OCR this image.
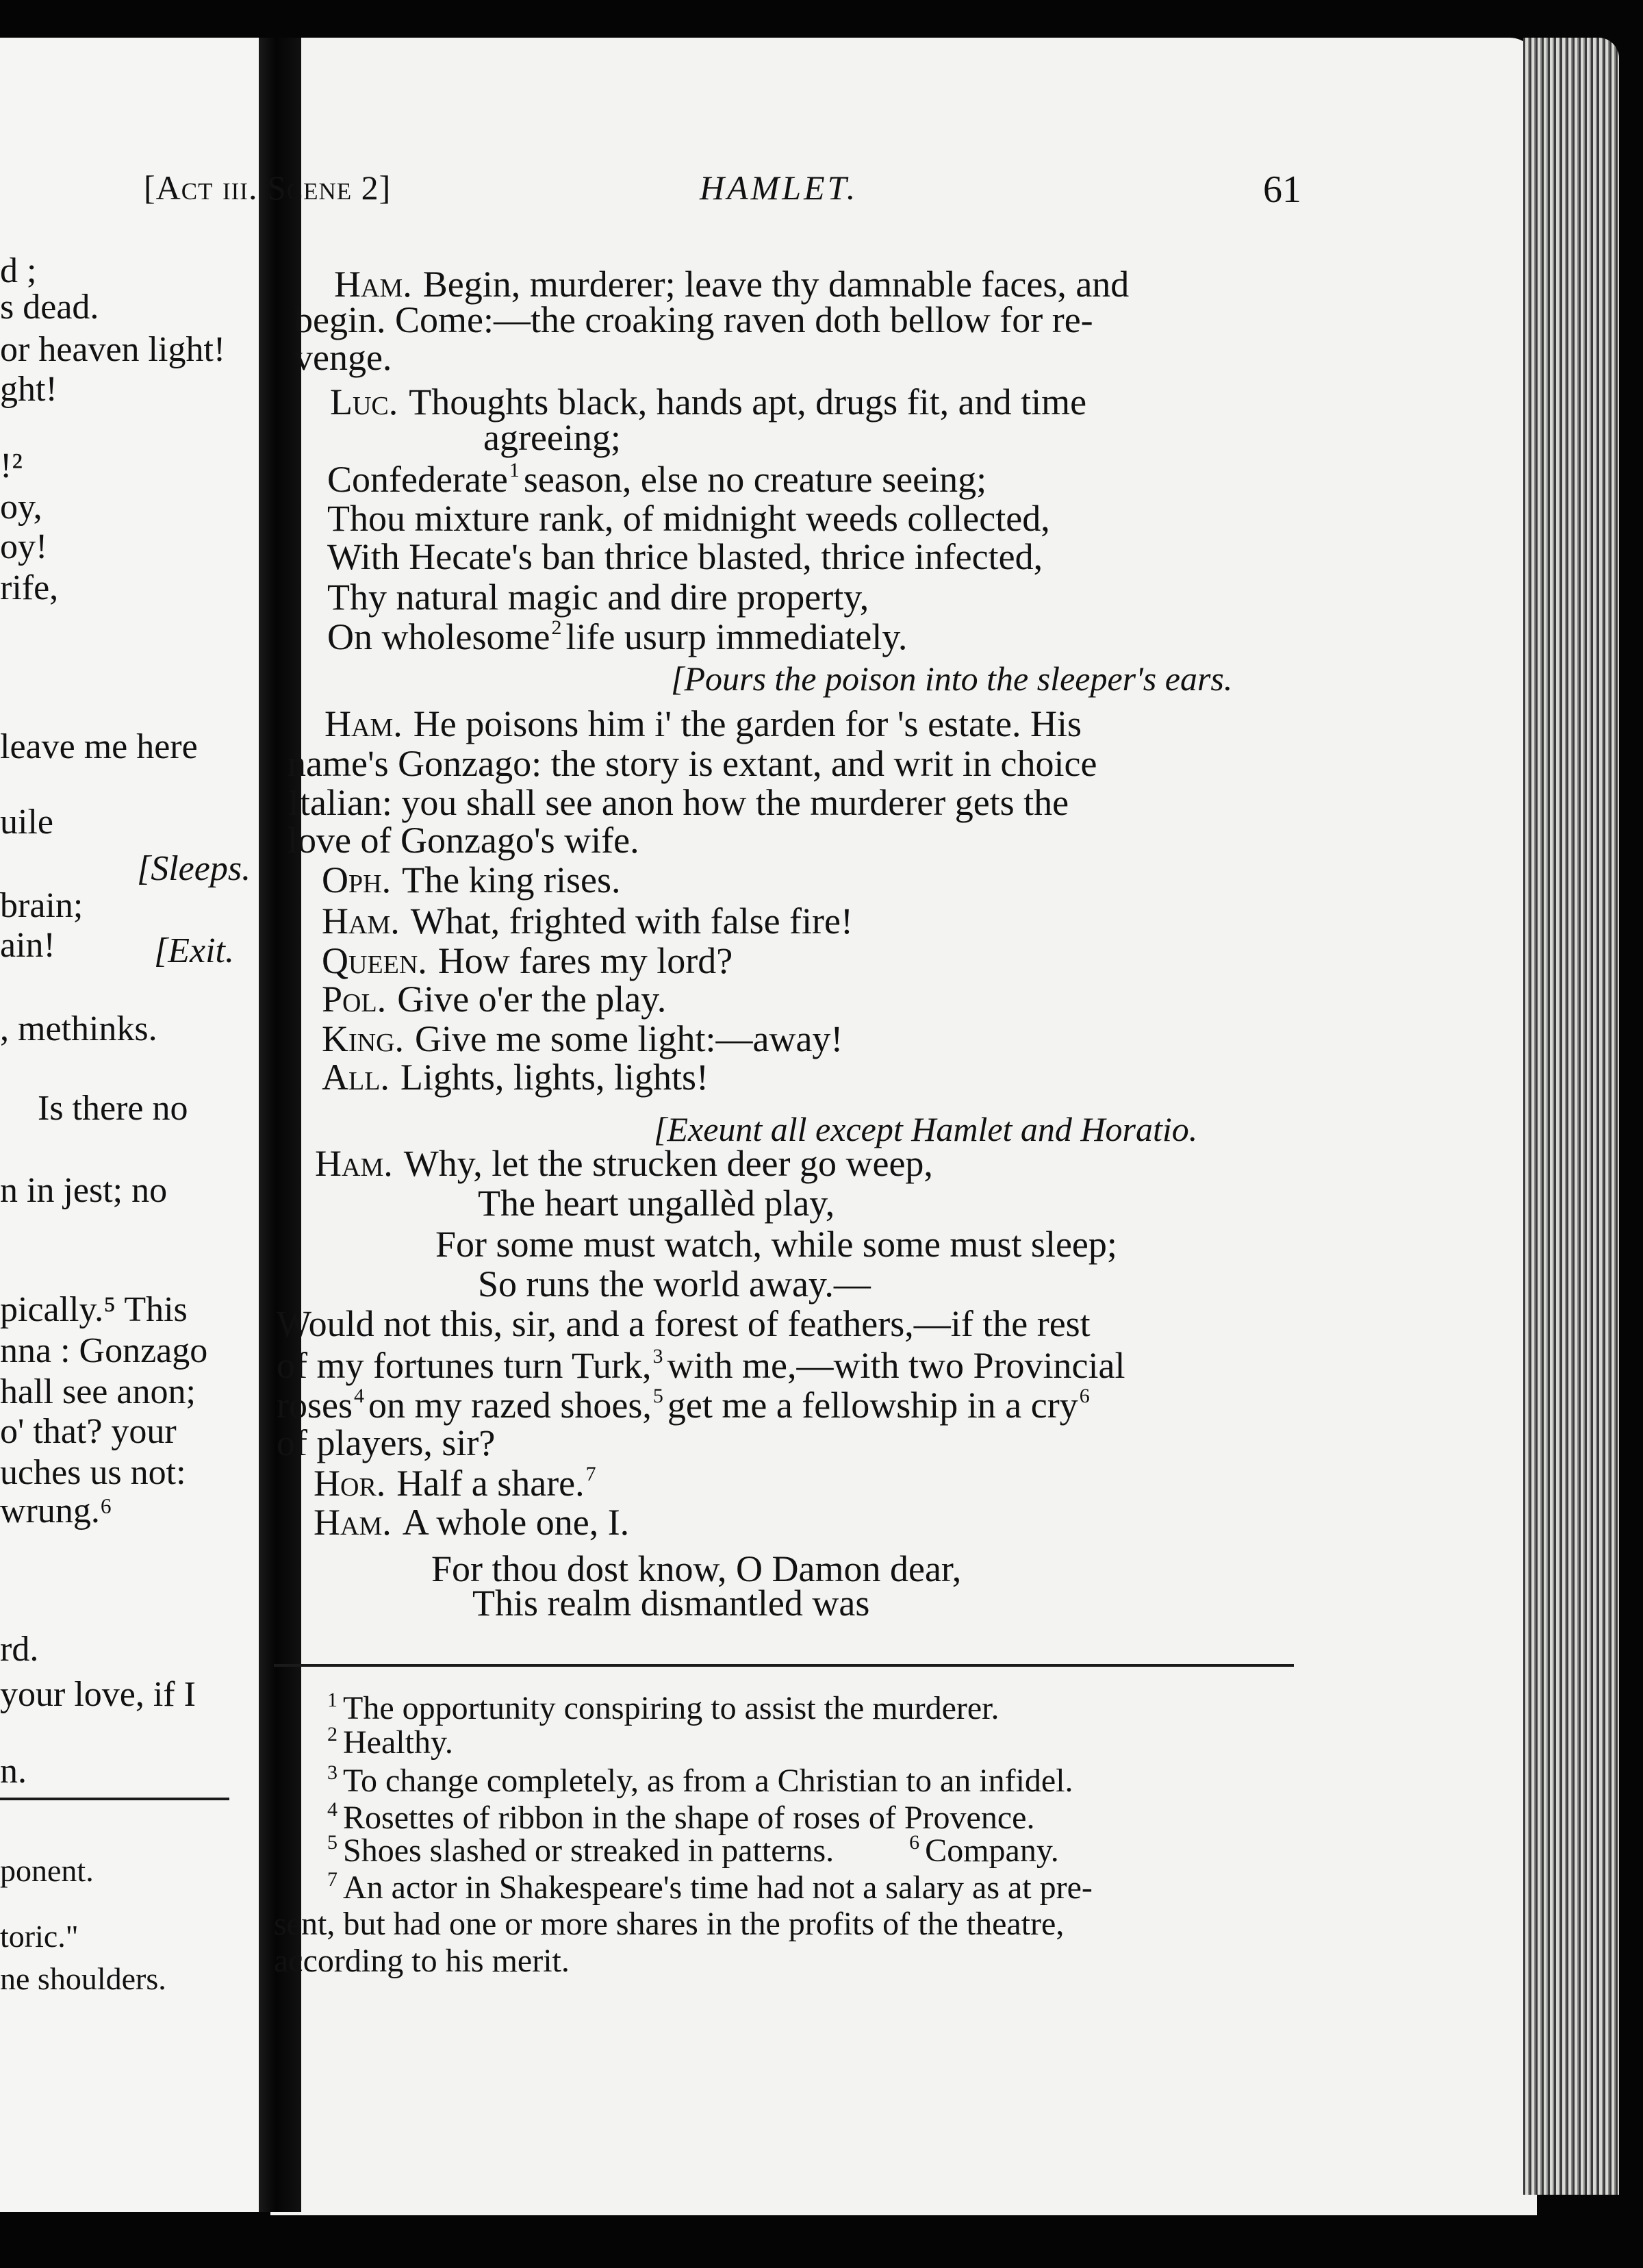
d ;
s dead.
or heaven light!
ght!
!²
oy,
oy!
rife,
leave me here
uile
[Sleeps.
brain;
ain!	[Exit.
, methinks.
Is there no
n in jest; no
pically.⁵ This
nna : Gonzago
hall see anon;
o' that? your
uches us not:
wrung.⁶
rd.
your love, if I
n.
ponent.
toric."
ne shoulders.
[Act iii. Scene 2]	HAMLET.	61
Ham. Begin, murderer; leave thy damnable faces, and
begin. Come:—the croaking raven doth bellow for re-
venge.
Luc. Thoughts black, hands apt, drugs fit, and time
agreeing;
Confederate$^1$ season, else no creature seeing;
Thou mixture rank, of midnight weeds collected,
With Hecate's ban thrice blasted, thrice infected,
Thy natural magic and dire property,
On wholesome$^2$ life usurp immediately.
[Pours the poison into the sleeper's ears.
Ham. He poisons him i' the garden for 's estate. His
name's Gonzago: the story is extant, and writ in choice
Italian: you shall see anon how the murderer gets the
love of Gonzago's wife.
Oph. The king rises.
Ham. What, frighted with false fire!
Queen. How fares my lord?
Pol. Give o'er the play.
King. Give me some light:—away!
All. Lights, lights, lights!
[Exeunt all except Hamlet and Horatio.
Ham. Why, let the strucken deer go weep,
The heart ungallèd play,
For some must watch, while some must sleep;
So runs the world away.—
Would not this, sir, and a forest of feathers,—if the rest
of my fortunes turn Turk,$^3$ with me,—with two Provincial
roses$^4$ on my razed shoes,$^5$ get me a fellowship in a cry$^6$
of players, sir?
Hor. Half a share.$^7$
Ham. A whole one, I.
For thou dost know, O Damon dear,
This realm dismantled was
$^1$ The opportunity conspiring to assist the murderer.
$^2$ Healthy.
$^3$ To change completely, as from a Christian to an infidel.
$^4$ Rosettes of ribbon in the shape of roses of Provence.
$^5$ Shoes slashed or streaked in patterns.	$^6$ Company.
$^7$ An actor in Shakespeare's time had not a salary as at pre-
sent, but had one or more shares in the profits of the theatre,
according to his merit.
